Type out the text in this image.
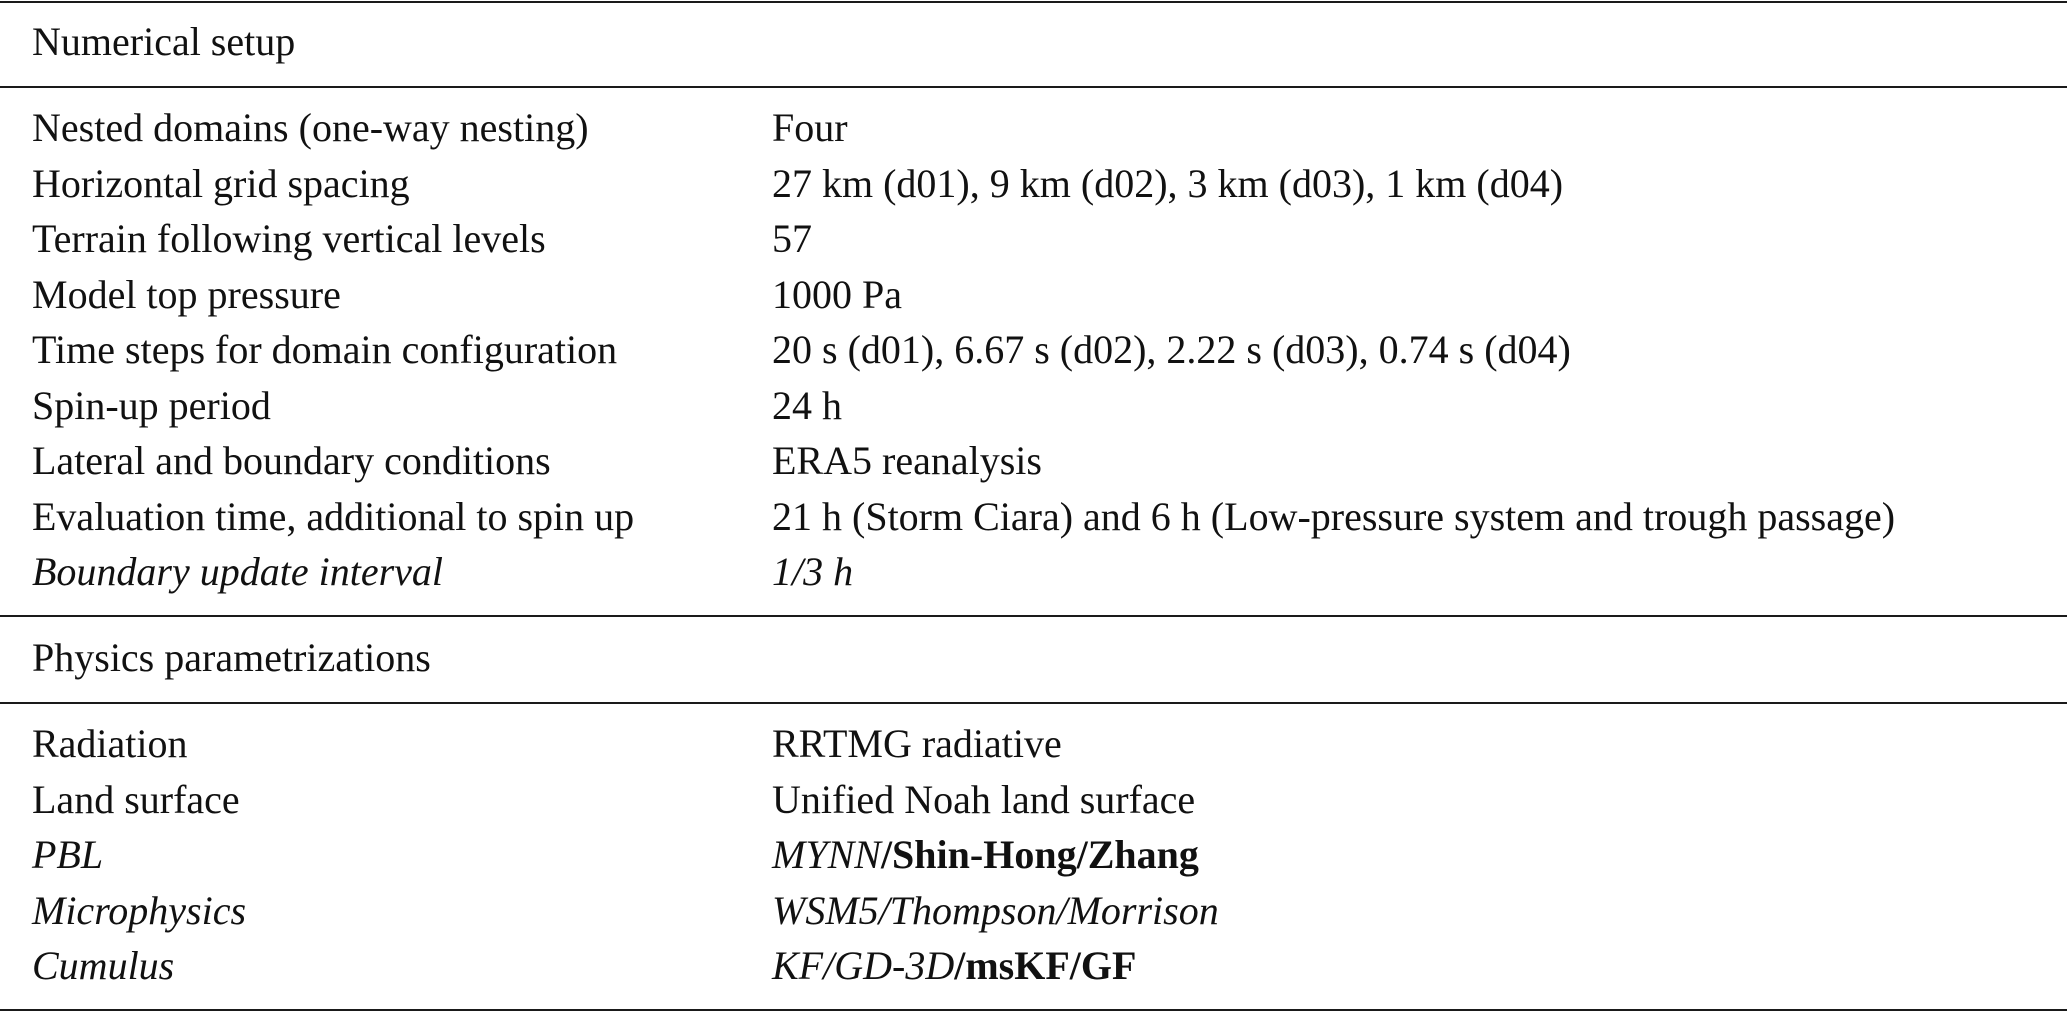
Numerical setup
Nested domains (one-way nesting)	Four
Horizontal grid spacing	27 km (d01), 9 km (d02), 3 km (d03), 1 km (d04)
Terrain following vertical levels	57
Model top pressure	1000 Pa
Time steps for domain configuration	20 s (d01), 6.67 s (d02), 2.22 s (d03), 0.74 s (d04)
Spin-up period	24 h
Lateral and boundary conditions	ERA5 reanalysis
Evaluation time, additional to spin up	21 h (Storm Ciara) and 6 h (Low-pressure system and trough passage)
Boundary update interval	1/3 h
Physics parametrizations
Radiation	RRTMG radiative
Land surface	Unified Noah land surface
PBL	MYNN/Shin-Hong/Zhang
Microphysics	WSM5/Thompson/Morrison
Cumulus	KF/GD-3D/msKF/GF
